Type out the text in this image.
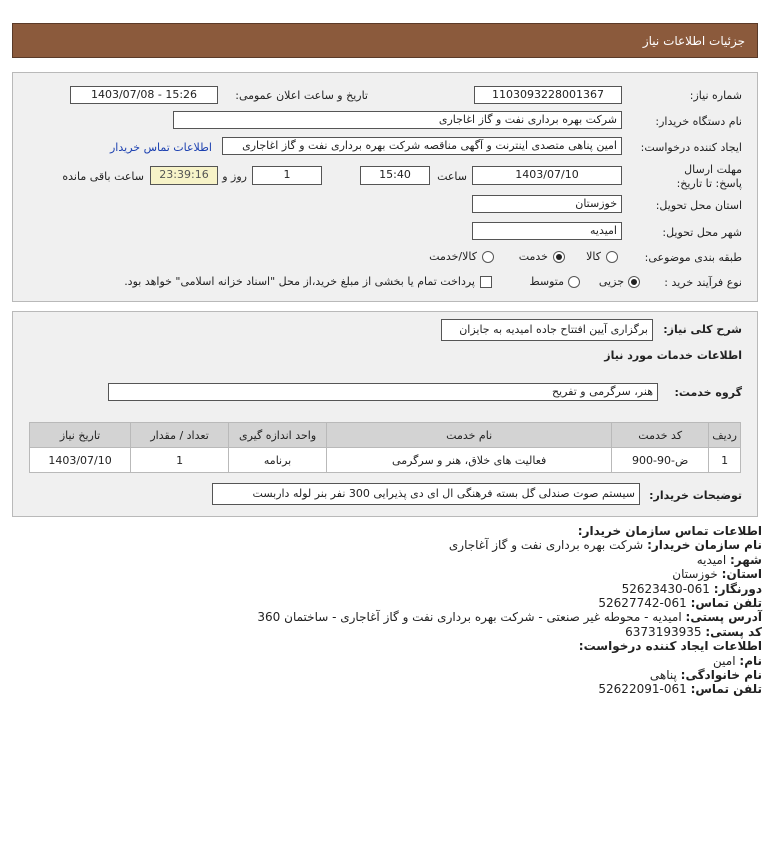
جزئیات اطلاعات نیاز
شماره نیاز:
1103093228001367
تاریخ و ساعت اعلان عمومی:
1403/07/08 - 15:26
نام دستگاه خریدار:
شرکت بهره برداری نفت و گاز اغاجاری
ایجاد کننده درخواست:
امین پناهی متصدی اینترنت و آگهی مناقصه شرکت بهره برداری نفت و گاز اغاجاری
اطلاعات تماس خریدار
مهلت ارسال پاسخ: تا تاریخ:
1403/07/10
ساعت
15:40
1
روز و
23:39:16
ساعت باقی مانده
استان محل تحویل:
خوزستان
شهر محل تحویل:
امیدیه
طبقه بندی موضوعی:
کالا
خدمت
کالا/خدمت
نوع فرآیند خرید :
جزیی
متوسط
پرداخت تمام یا بخشی از مبلغ خرید،از محل "اسناد خزانه اسلامی" خواهد بود.
شرح کلی نیاز:
برگزاری آیین افتتاح جاده امیدیه به جایزان
اطلاعات خدمات مورد نیاز
گروه خدمت:
هنر، سرگرمی و تفریح
ردیف	کد خدمت	نام خدمت	واحد اندازه گیری	تعداد / مقدار	تاریخ نیاز
1	ض-90-900	فعالیت های خلاق، هنر و سرگرمی	برنامه	1	1403/07/10
توضیحات خریدار:
سیستم صوت صندلی گل بسته فرهنگی ال ای دی پذیرایی 300 نفر بنر لوله داربست
اطلاعات تماس سازمان خریدار:
نام سازمان خریدار: شرکت بهره برداری نفت و گاز آغاجاری
شهر: امیدیه
استان: خوزستان
دورنگار: 061-52623430
تلفن تماس: 061-52627742
آدرس پستی: امیدیه - محوطه غیر صنعتی - شرکت بهره برداری نفت و گاز آغاجاری - ساختمان 360
کد پستی: 6373193935
اطلاعات ایجاد کننده درخواست:
نام: امین
نام خانوادگی: پناهی
تلفن تماس: 061-52622091
